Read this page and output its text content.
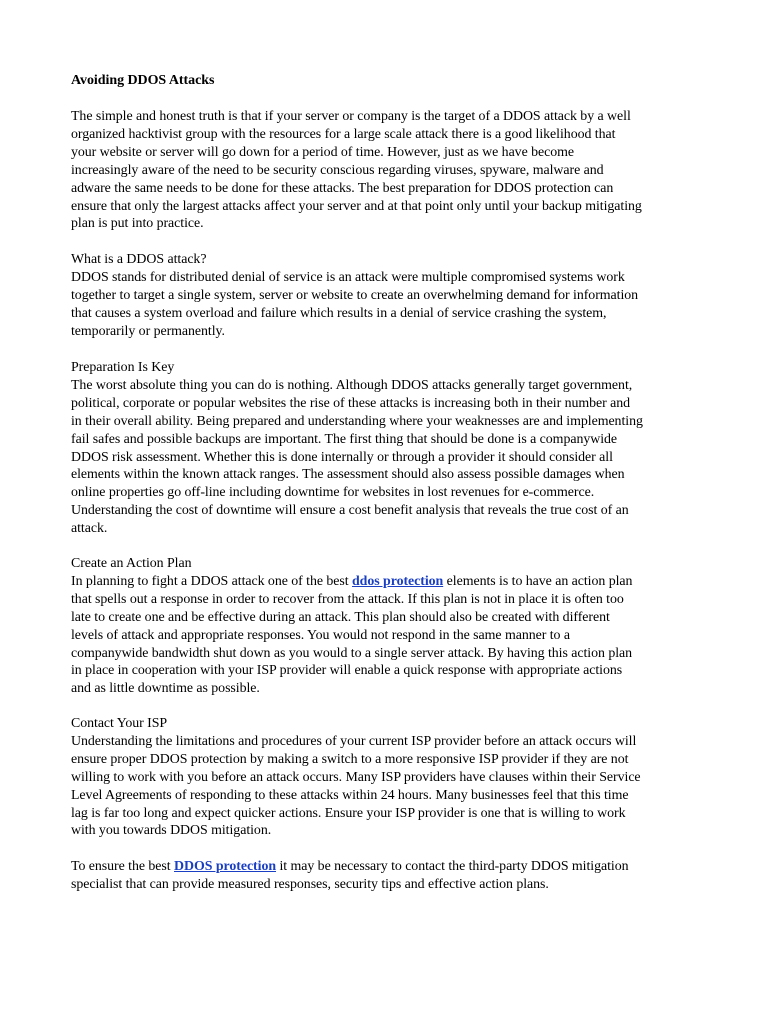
Avoiding DDOS Attacks

The simple and honest truth is that if your server or company is the target of a DDOS attack by a well
organized hacktivist group with the resources for a large scale attack there is a good likelihood that
your website or server will go down for a period of time. However, just as we have become
increasingly aware of the need to be security conscious regarding viruses, spyware, malware and
adware the same needs to be done for these attacks. The best preparation for DDOS protection can
ensure that only the largest attacks affect your server and at that point only until your backup mitigating
plan is put into practice.

What is a DDOS attack?
DDOS stands for distributed denial of service is an attack were multiple compromised systems work
together to target a single system, server or website to create an overwhelming demand for information
that causes a system overload and failure which results in a denial of service crashing the system,
temporarily or permanently.

Preparation Is Key
The worst absolute thing you can do is nothing. Although DDOS attacks generally target government,
political, corporate or popular websites the rise of these attacks is increasing both in their number and
in their overall ability. Being prepared and understanding where your weaknesses are and implementing
fail safes and possible backups are important. The first thing that should be done is a companywide
DDOS risk assessment. Whether this is done internally or through a provider it should consider all
elements within the known attack ranges. The assessment should also assess possible damages when
online properties go off-line including downtime for websites in lost revenues for e-commerce.
Understanding the cost of downtime will ensure a cost benefit analysis that reveals the true cost of an
attack.

Create an Action Plan
In planning to fight a DDOS attack one of the best ddos protection elements is to have an action plan
that spells out a response in order to recover from the attack. If this plan is not in place it is often too
late to create one and be effective during an attack. This plan should also be created with different
levels of attack and appropriate responses. You would not respond in the same manner to a
companywide bandwidth shut down as you would to a single server attack. By having this action plan
in place in cooperation with your ISP provider will enable a quick response with appropriate actions
and as little downtime as possible.

Contact Your ISP
Understanding the limitations and procedures of your current ISP provider before an attack occurs will
ensure proper DDOS protection by making a switch to a more responsive ISP provider if they are not
willing to work with you before an attack occurs. Many ISP providers have clauses within their Service
Level Agreements of responding to these attacks within 24 hours. Many businesses feel that this time
lag is far too long and expect quicker actions. Ensure your ISP provider is one that is willing to work
with you towards DDOS mitigation.

To ensure the best DDOS protection it may be necessary to contact the third-party DDOS mitigation
specialist that can provide measured responses, security tips and effective action plans.
